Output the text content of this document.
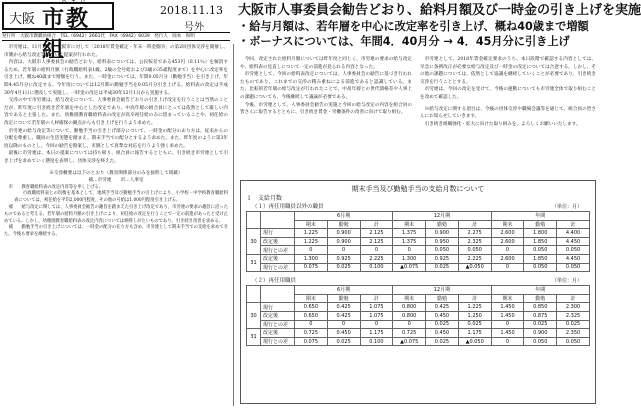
大阪
OTU
市教組
2018.11.13
号外
発行所　大阪市教職員組合　TEL（6942）2661代　FAX（6942）6039　発行人　岡本　和明
大阪市人事委員会勧告どおり、給料月額及び一時金の引き上げを実施
・給与月額は、若年層を中心に改定率を引き上げ、概ね40歳まで増額
・ボーナスについては、年間4．40月分 → 4．45月分に引き上げ

市労連は、11月13日、大阪市に対して「2018年賃金確定・年末一時金闘争」の第2回団体交渉を開催し、市側から給与改定等について提案が行われた。

内容は、大阪市人事委員会の勧告どおり、給料表については、公民較差である453円（0.11％）を解消するため、若年層の給料月額（行政職給料表1級、2級の全号給および3級の35歳程度まで）を中心に改定率を引き上げ、概ね40歳まで増額を行う。また、一時金については、年間0.05月分（勤勉手当）を引き上げ、年間4.45月分に改定する。今年度については12月期の勤勉手当を0.05月分引き上げる。給料表の改定は平成30年4月1日に遡及して実施し、一時金の改定は平成30年12月1日から実施する。

交渉の中で市労連は、給与改定について、人事委員会勧告どおりの引き上げ改定を行うことは当然のことだが、昨年度に引き続き若年層を中心とした改定であり、中高年層の組合員にとっては依然として厳しい内容であると主張した。また、幼稚園教育職給料表の改定が高卒初任給のみに留まっていることや、初任給の改定について若年層の人材確保の観点からも引き上げを行うよう求めた。

市労連の給与改定等について、勤勉手当の引き上げ部分について、一時金の配分のあり方は、従来からの分配を尊重し、職員の生活実態を踏まえ、期末手当での配分とするよう求めた。また、昨年度のように第3年度以降のものとし、今回の勧告を勘案し、市側として真摯な対応を行うよう強く求めた。

最後に市労連は、本日の提案については持ち帰り、組合員に報告するとともに、引き続き市労連として引き上げを求めていく態度を表明し、団体交渉を終えた。

※交渉概要は以下のとおり（教育関係部分のみを抜粋して掲載）

補…市労連　　市…人事室

市　　教育職給料表の改定内容等を申し上げる。

　行政職給料表との均衡を基本として、地域手当及び勤勉手当の引上げにより、小学校・中学校教育職給料表については、初任給を平均2,000円程度、その他の号給は1,000円程度引き上げる。

補　　給与改定に関しては、人事委員会勧告の趣旨を踏まえた引き上げ改定であり、市労連の要求の趣旨に沿ったものであると考える。若年層の給料月額の引き上げにより、初任給の改定を行うことで一定の前進があったと受け止めている。しかし、幼稚園教育職給料表の改定内容については納得しがたいものであり、引き続き改善を求める。

補　　勤勉手当の引き上げについては、一時金の配分の在り方も含め、市労連として期末手当での支給を求めてきた。今後も要求を継続する。

今回、改定された給料月額については昨年度と同じく、市労連の要求の給与改定や、給料表の見直しについて一定の前進が見られる内容となった。

市労連として、今回の給料表改定については、人事委員会の勧告に基づき行われたものであり、これまでの交渉の積み重ねによる前進であると認識している。また、比較的若年層の給与改定が行われたことで、中高年層との世代間格差や人事上の課題についても、今後継続して議論が必要である。

今後、市労連として、人事委員会勧告の実施と今回の給与改定の内容を組合員の皆さんに報告するとともに、引き続き賃金・労働条件の改善に向けて取り組む。

市労連として、2018年賃金確定要求のうち、本日段階で確認する内容としては、早急に条例改正が必要な給与改定及び一時金の改定については合意する。しかし、その他の課題については、依然として協議を継続していくことが必要であり、引き続き交渉を行うこととする。

市労連は、今回の改定を受けて、今後の運動についても市労連全体で取り組むことを改めて確認した。

※給与改定に関する項目は、今後の団体交渉や職場会議等を通じて、組合員の皆さんにお知らせしていきます。

引き続き組織強化・拡大に向けた取り組みを、よろしくお願いいたします。

期末手当及び勤勉手当の支給月数について
１　支給月数
（１）再任用職員以外の職員	（単位：月）
		6月期			12月期			年間		
		期末	勤勉	計	期末	勤勉	計	期末	勤勉	計
30	現行	1.225	0.900	2.125	1.375	0.900	2.275	2.600	1.800	4.400
	改定後	1.225	0.900	2.125	1.375	0.950	2.325	2.600	1.850	4.450
	現行との差	0	0	0	0	0.050	0.050	0	0.050	0.050
31	改定後	1.300	0.925	2.225	1.300	0.925	2.225	2.600	1.850	4.450
	現行との差	0.075	0.025	0.100	▲0.075	0.025	▲0.050	0	0.050	0.050
（２）再任用職員	（単位：月）
		6月期			12月期			年間		
		期末	勤勉	計	期末	勤勉	計	期末	勤勉	計
30	現行	0.650	0.425	1.075	0.800	0.425	1.225	1.450	0.850	2.300
	改定後	0.650	0.425	1.075	0.800	0.450	1.250	1.450	0.875	2.325
	現行との差	0	0	0	0	0.025	0.025	0	0.025	0.025
31	改定後	0.725	0.450	1.175	0.725	0.450	1.175	1.450	0.900	2.350
	現行との差	0.075	0.025	0.100	▲0.075	0.025	▲0.050	0	0.050	0.050
